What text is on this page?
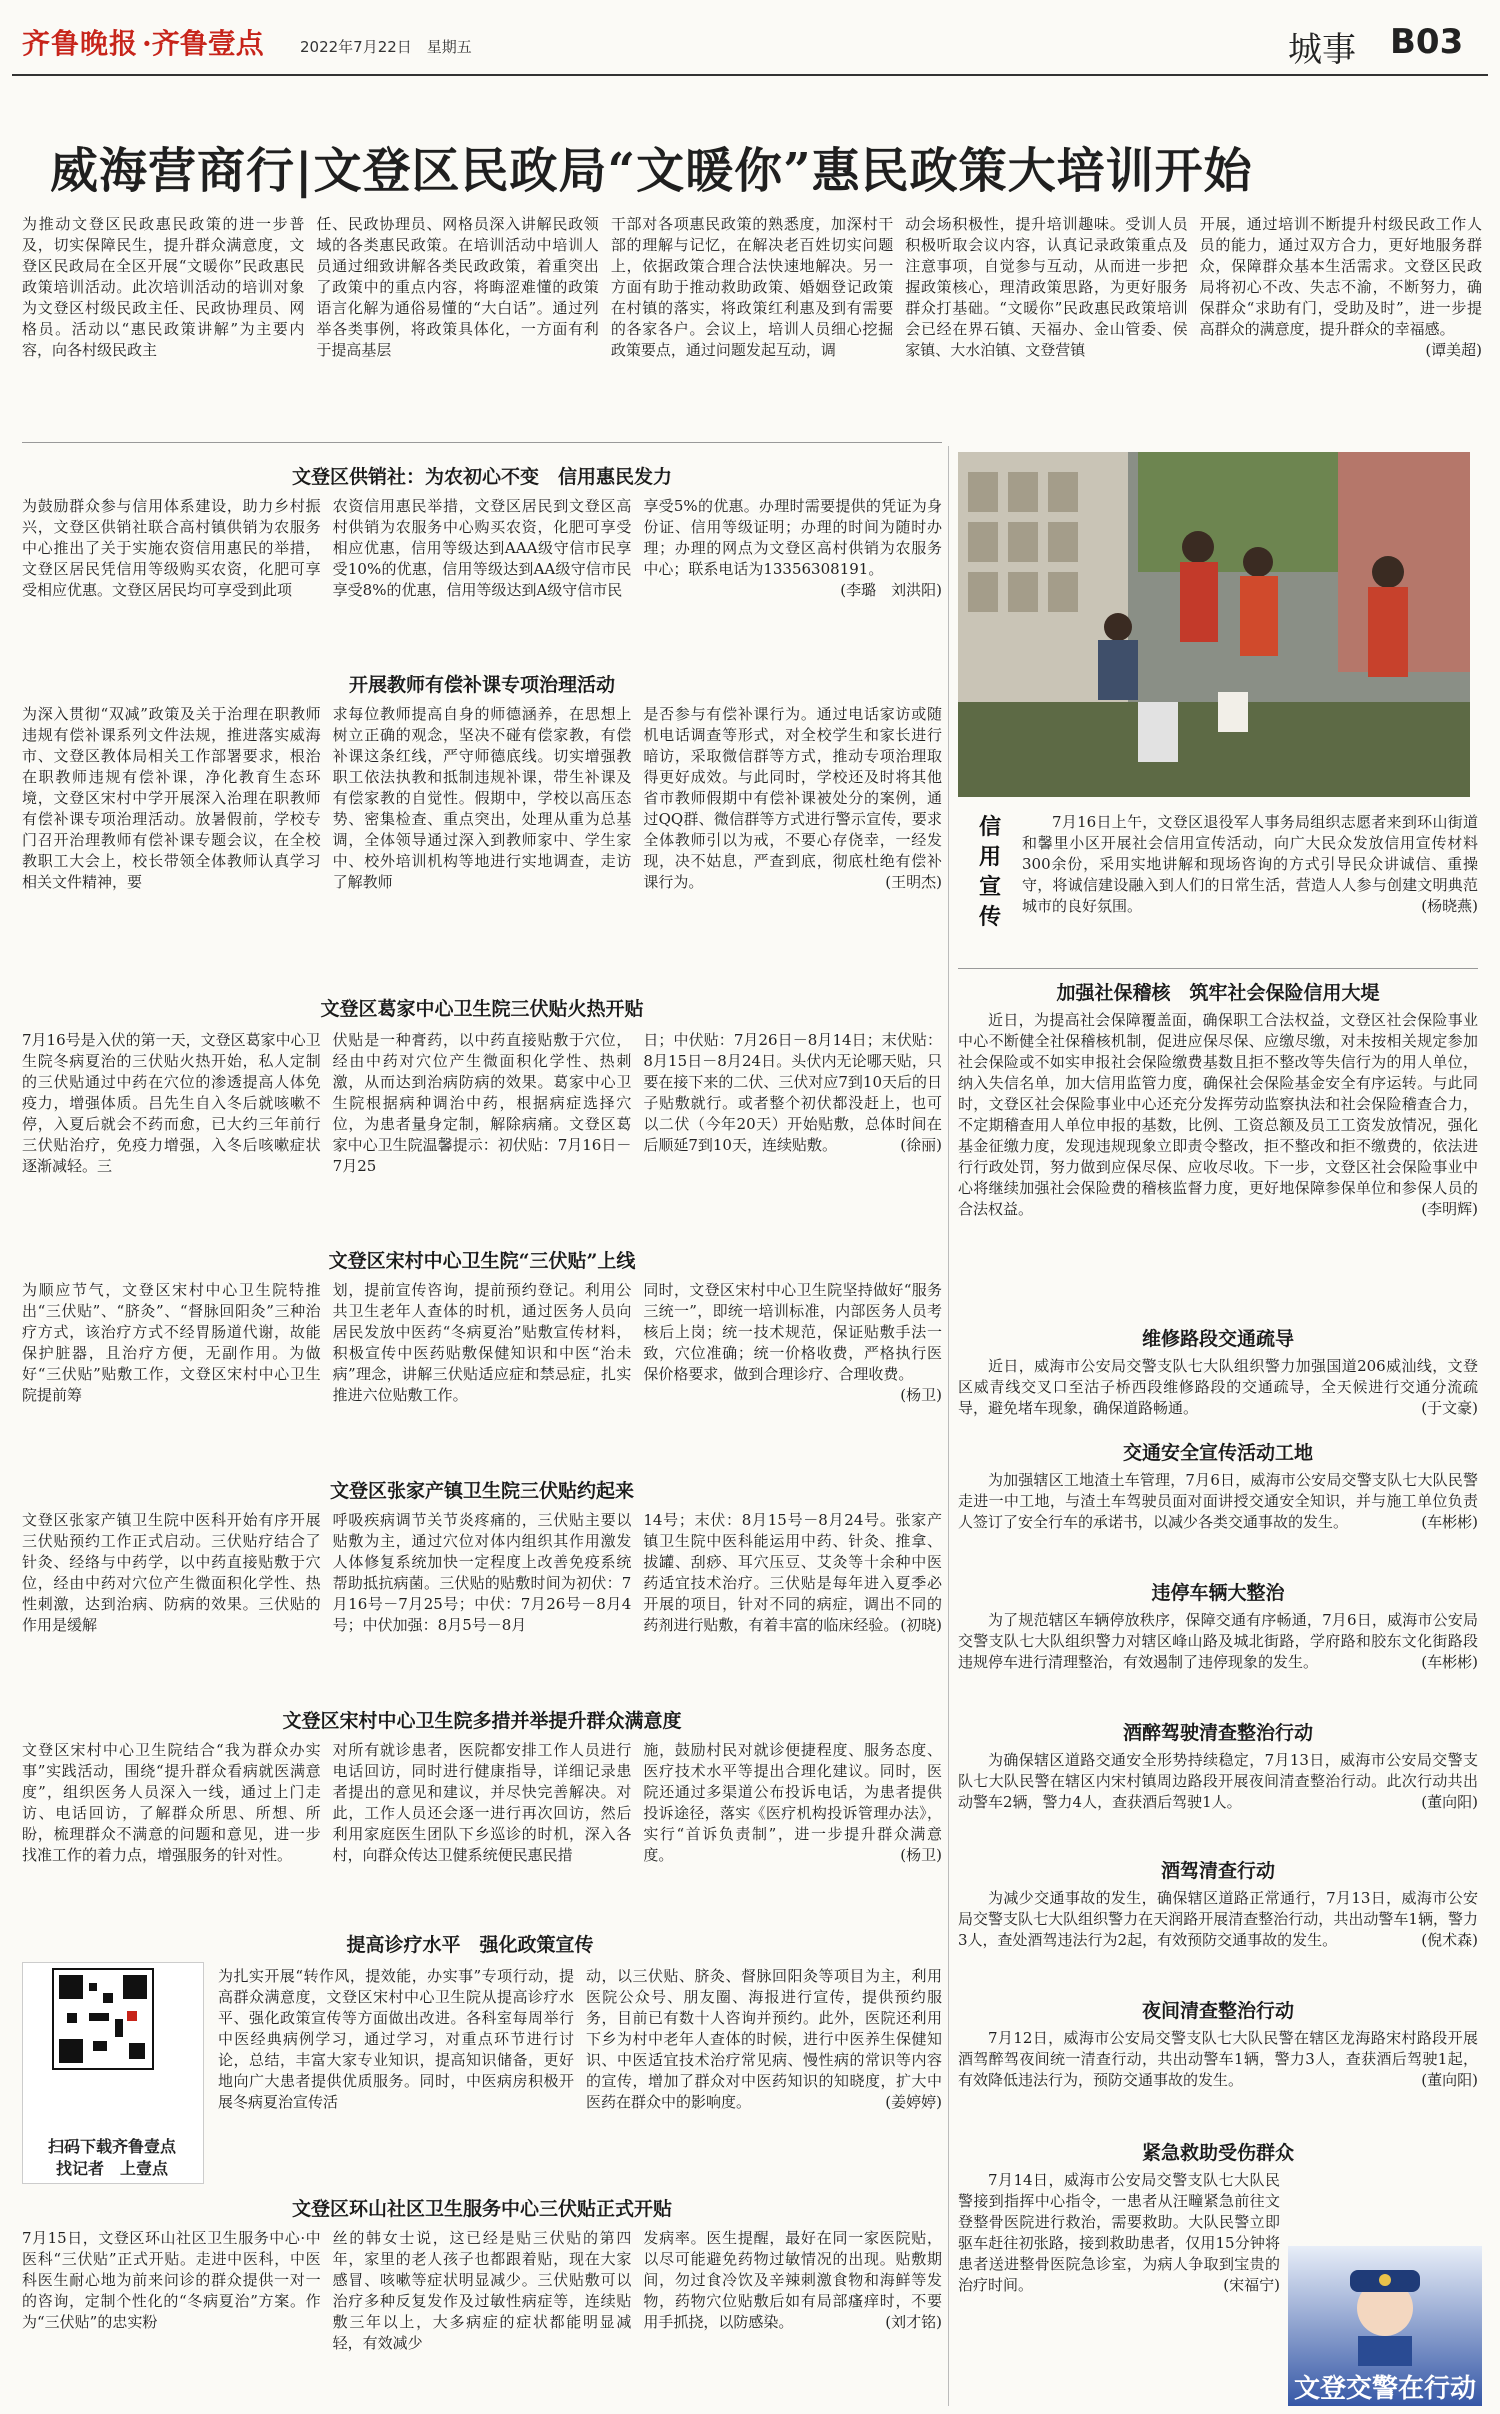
齐鲁晚报 ·齐鲁壹点 2022年7月22日　星期五	城事 B03
威海营商行|文登区民政局“文暖你”惠民政策大培训开始
为推动文登区民政惠民政策的进一步普及，切实保障民生，提升群众满意度，文登区民政局在全区开展“文暖你”民政惠民政策培训活动。此次培训活动的培训对象为文登区村级民政主任、民政协理员、网格员。活动以“惠民政策讲解”为主要内容，向各村级民政主
任、民政协理员、网格员深入讲解民政领域的各类惠民政策。在培训活动中培训人员通过细致讲解各类民政政策，着重突出了政策中的重点内容，将晦涩难懂的政策语言化解为通俗易懂的“大白话”。通过列举各类事例，将政策具体化，一方面有利于提高基层
干部对各项惠民政策的熟悉度，加深村干部的理解与记忆，在解决老百姓切实问题上，依据政策合理合法快速地解决。另一方面有助于推动救助政策、婚姻登记政策在村镇的落实，将政策红利惠及到有需要的各家各户。会议上，培训人员细心挖掘政策要点，通过问题发起互动，调
动会场积极性，提升培训趣味。受训人员积极听取会议内容，认真记录政策重点及注意事项，自觉参与互动，从而进一步把握政策核心，理清政策思路，为更好服务群众打基础。“文暖你”民政惠民政策培训会已经在界石镇、天福办、金山管委、侯家镇、大水泊镇、文登营镇
开展，通过培训不断提升村级民政工作人员的能力，通过双方合力，更好地服务群众，保障群众基本生活需求。文登区民政局将初心不改、失志不渝，不断努力，确保群众“求助有门，受助及时”，进一步提高群众的满意度，提升群众的幸福感。
(谭美超)
文登区供销社：为农初心不变　信用惠民发力
为鼓励群众参与信用体系建设，助力乡村振兴，文登区供销社联合高村镇供销为农服务中心推出了关于实施农资信用惠民的举措，文登区居民凭信用等级购买农资，化肥可享受相应优惠。文登区居民均可享受到此项
农资信用惠民举措，文登区居民到文登区高村供销为农服务中心购买农资，化肥可享受相应优惠，信用等级达到AAA级守信市民享受10%的优惠，信用等级达到AA级守信市民享受8%的优惠，信用等级达到A级守信市民
享受5%的优惠。办理时需要提供的凭证为身份证、信用等级证明；办理的时间为随时办理；办理的网点为文登区高村供销为农服务中心；联系电话为13356308191。
(李璐　刘洪阳)
开展教师有偿补课专项治理活动
为深入贯彻“双减”政策及关于治理在职教师违规有偿补课系列文件法规，推进落实威海市、文登区教体局相关工作部署要求，根治在职教师违规有偿补课，净化教育生态环境，文登区宋村中学开展深入治理在职教师有偿补课专项治理活动。放暑假前，学校专门召开治理教师有偿补课专题会议，在全校教职工大会上，校长带领全体教师认真学习相关文件精神，要
求每位教师提高自身的师德涵养，在思想上树立正确的观念，坚决不碰有偿家教，有偿补课这条红线，严守师德底线。切实增强教职工依法执教和抵制违规补课，带生补课及有偿家教的自觉性。假期中，学校以高压态势、密集检查、重点突出，处理从重为总基调，全体领导通过深入到教师家中、学生家中、校外培训机构等地进行实地调查，走访了解教师
是否参与有偿补课行为。通过电话家访或随机电话调查等形式，对全校学生和家长进行暗访，采取微信群等方式，推动专项治理取得更好成效。与此同时，学校还及时将其他省市教师假期中有偿补课被处分的案例，通过QQ群、微信群等方式进行警示宣传，要求全体教师引以为戒，不要心存侥幸，一经发现，决不姑息，严查到底，彻底杜绝有偿补课行为。	(王明杰)
文登区葛家中心卫生院三伏贴火热开贴
7月16号是入伏的第一天，文登区葛家中心卫生院冬病夏治的三伏贴火热开始，私人定制的三伏贴通过中药在穴位的渗透提高人体免疫力，增强体质。吕先生自入冬后就咳嗽不停，入夏后就会不药而愈，已大约三年前行三伏贴治疗，免疫力增强，入冬后咳嗽症状逐渐减轻。三
伏贴是一种膏药，以中药直接贴敷于穴位，经由中药对穴位产生微面积化学性、热刺激，从而达到治病防病的效果。葛家中心卫生院根据病种调治中药，根据病症选择穴位，为患者量身定制，解除病痛。文登区葛家中心卫生院温馨提示：初伏贴：7月16日－7月25
日；中伏贴：7月26日－8月14日；末伏贴：8月15日－8月24日。头伏内无论哪天贴，只要在接下来的二伏、三伏对应7到10天后的日子贴敷就行。或者整个初伏都没赶上，也可以二伏（今年20天）开始贴敷，总体时间在后顺延7到10天，连续贴敷。	(徐丽)
文登区宋村中心卫生院“三伏贴”上线
为顺应节气，文登区宋村中心卫生院特推出“三伏贴”、“脐灸”、“督脉回阳灸”三种治疗方式，该治疗方式不经胃肠道代谢，故能保护脏器，且治疗方便，无副作用。为做好“三伏贴”贴敷工作，文登区宋村中心卫生院提前筹
划，提前宣传咨询，提前预约登记。利用公共卫生老年人查体的时机，通过医务人员向居民发放中医药“冬病夏治”贴敷宣传材料，积极宣传中医药贴敷保健知识和中医“治未病”理念，讲解三伏贴适应症和禁忌症，扎实推进六位贴敷工作。
同时，文登区宋村中心卫生院坚持做好“服务三统一”，即统一培训标准，内部医务人员考核后上岗；统一技术规范，保证贴敷手法一致，穴位准确；统一价格收费，严格执行医保价格要求，做到合理诊疗、合理收费。
(杨卫)
文登区张家产镇卫生院三伏贴约起来
文登区张家产镇卫生院中医科开始有序开展三伏贴预约工作正式启动。三伏贴疗结合了针灸、经络与中药学，以中药直接贴敷于穴位，经由中药对穴位产生微面积化学性、热性刺激，达到治病、防病的效果。三伏贴的作用是缓解
呼吸疾病调节关节炎疼痛的，三伏贴主要以贴敷为主，通过穴位对体内组织其作用激发人体修复系统加快一定程度上改善免疫系统帮助抵抗病菌。三伏贴的贴敷时间为初伏：7月16号－7月25号；中伏：7月26号－8月4号；中伏加强：8月5号－8月
14号；末伏：8月15号－8月24号。张家产镇卫生院中医科能运用中药、针灸、推拿、拔罐、刮痧、耳穴压豆、艾灸等十余种中医药适宜技术治疗。三伏贴是每年进入夏季必开展的项目，针对不同的病症，调出不同的药剂进行贴敷，有着丰富的临床经验。 (初晓)
文登区宋村中心卫生院多措并举提升群众满意度
文登区宋村中心卫生院结合“我为群众办实事”实践活动，围绕“提升群众看病就医满意度”，组织医务人员深入一线，通过上门走访、电话回访，了解群众所思、所想、所盼，梳理群众不满意的问题和意见，进一步找准工作的着力点，增强服务的针对性。
对所有就诊患者，医院都安排工作人员进行电话回访，同时进行健康指导，详细记录患者提出的意见和建议，并尽快完善解决。对此，工作人员还会逐一进行再次回访，然后利用家庭医生团队下乡巡诊的时机，深入各村，向群众传达卫健系统便民惠民措
施，鼓励村民对就诊便捷程度、服务态度、医疗技术水平等提出合理化建议。同时，医院还通过多渠道公布投诉电话，为患者提供投诉途径，落实《医疗机构投诉管理办法》，实行“首诉负责制”，进一步提升群众满意度。	(杨卫)
提高诊疗水平　强化政策宣传
扫码下载齐鲁壹点
找记者　上壹点
为扎实开展“转作风，提效能，办实事”专项行动，提高群众满意度，文登区宋村中心卫生院从提高诊疗水平、强化政策宣传等方面做出改进。各科室每周举行中医经典病例学习，通过学习，对重点环节进行讨论，总结，丰富大家专业知识，提高知识储备，更好地向广大患者提供优质服务。同时，中医病房积极开展冬病夏治宣传活
动，以三伏贴、脐灸、督脉回阳灸等项目为主，利用医院公众号、朋友圈、海报进行宣传，提供预约服务，目前已有数十人咨询并预约。此外，医院还利用下乡为村中老年人查体的时候，进行中医养生保健知识、中医适宜技术治疗常见病、慢性病的常识等内容的宣传，增加了群众对中医药知识的知晓度，扩大中医药在群众中的影响度。	(姜婷婷)
文登区环山社区卫生服务中心三伏贴正式开贴
7月15日，文登区环山社区卫生服务中心·中医科“三伏贴”正式开贴。走进中医科，中医科医生耐心地为前来问诊的群众提供一对一的咨询，定制个性化的“冬病夏治”方案。作为“三伏贴”的忠实粉
丝的韩女士说，这已经是贴三伏贴的第四年，家里的老人孩子也都跟着贴，现在大家感冒、咳嗽等症状明显减少。三伏贴敷可以治疗多种反复发作及过敏性病症等，连续贴敷三年以上，大多病症的症状都能明显减轻，有效减少
发病率。医生提醒，最好在同一家医院贴，以尽可能避免药物过敏情况的出现。贴敷期间，勿过食冷饮及辛辣刺激食物和海鲜等发物，药物穴位贴敷后如有局部瘙痒时，不要用手抓挠，以防感染。	(刘才铭)
信用宣传

7月16日上午，文登区退役军人事务局组织志愿者来到环山街道和馨里小区开展社会信用宣传活动，向广大民众发放信用宣传材料300余份，采用实地讲解和现场咨询的方式引导民众讲诚信、重操守，将诚信建设融入到人们的日常生活，营造人人参与创建文明典范城市的良好氛围。	(杨晓燕)

加强社保稽核　筑牢社会保险信用大堤

近日，为提高社会保障覆盖面，确保职工合法权益，文登区社会保险事业中心不断健全社保稽核机制，促进应保尽保、应缴尽缴，对未按相关规定参加社会保险或不如实申报社会保险缴费基数且拒不整改等失信行为的用人单位，纳入失信名单，加大信用监管力度，确保社会保险基金安全有序运转。与此同时，文登区社会保险事业中心还充分发挥劳动监察执法和社会保险稽查合力，不定期稽查用人单位申报的基数，比例、工资总额及员工工资发放情况，强化基金征缴力度，发现违规现象立即责令整改，拒不整改和拒不缴费的，依法进行行政处罚，努力做到应保尽保、应收尽收。下一步，文登区社会保险事业中心将继续加强社会保险费的稽核监督力度，更好地保障参保单位和参保人员的合法权益。	(李明辉)

维修路段交通疏导

近日，威海市公安局交警支队七大队组织警力加强国道206威汕线，文登区威青线交叉口至沽子桥西段维修路段的交通疏导，全天候进行交通分流疏导，避免堵车现象，确保道路畅通。	(于文豪)

交通安全宣传活动工地

为加强辖区工地渣土车管理，7月6日，威海市公安局交警支队七大队民警走进一中工地，与渣土车驾驶员面对面讲授交通安全知识，并与施工单位负责人签订了安全行车的承诺书，以减少各类交通事故的发生。	(车彬彬)

违停车辆大整治

为了规范辖区车辆停放秩序，保障交通有序畅通，7月6日，威海市公安局交警支队七大队组织警力对辖区峰山路及城北街路，学府路和胶东文化街路段违规停车进行清理整治，有效遏制了违停现象的发生。	(车彬彬)

酒醉驾驶清查整治行动

为确保辖区道路交通安全形势持续稳定，7月13日，威海市公安局交警支队七大队民警在辖区内宋村镇周边路段开展夜间清查整治行动。此次行动共出动警车2辆，警力4人，查获酒后驾驶1人。	(董向阳)

酒驾清查行动

为减少交通事故的发生，确保辖区道路正常通行，7月13日，威海市公安局交警支队七大队组织警力在天润路开展清查整治行动，共出动警车1辆，警力3人，查处酒驾违法行为2起，有效预防交通事故的发生。	(倪术森)

夜间清查整治行动

7月12日，威海市公安局交警支队七大队民警在辖区龙海路宋村路段开展酒驾醉驾夜间统一清查行动，共出动警车1辆，警力3人，查获酒后驾驶1起，有效降低违法行为，预防交通事故的发生。	(董向阳)

紧急救助受伤群众

7月14日，威海市公安局交警支队七大队民警接到指挥中心指令，一患者从汪疃紧急前往文登整骨医院进行救治，需要救助。大队民警立即驱车赶往初张路，接到救助患者，仅用15分钟将患者送进整骨医院急诊室，为病人争取到宝贵的治疗时间。	(宋福宁)

文登交警在行动
